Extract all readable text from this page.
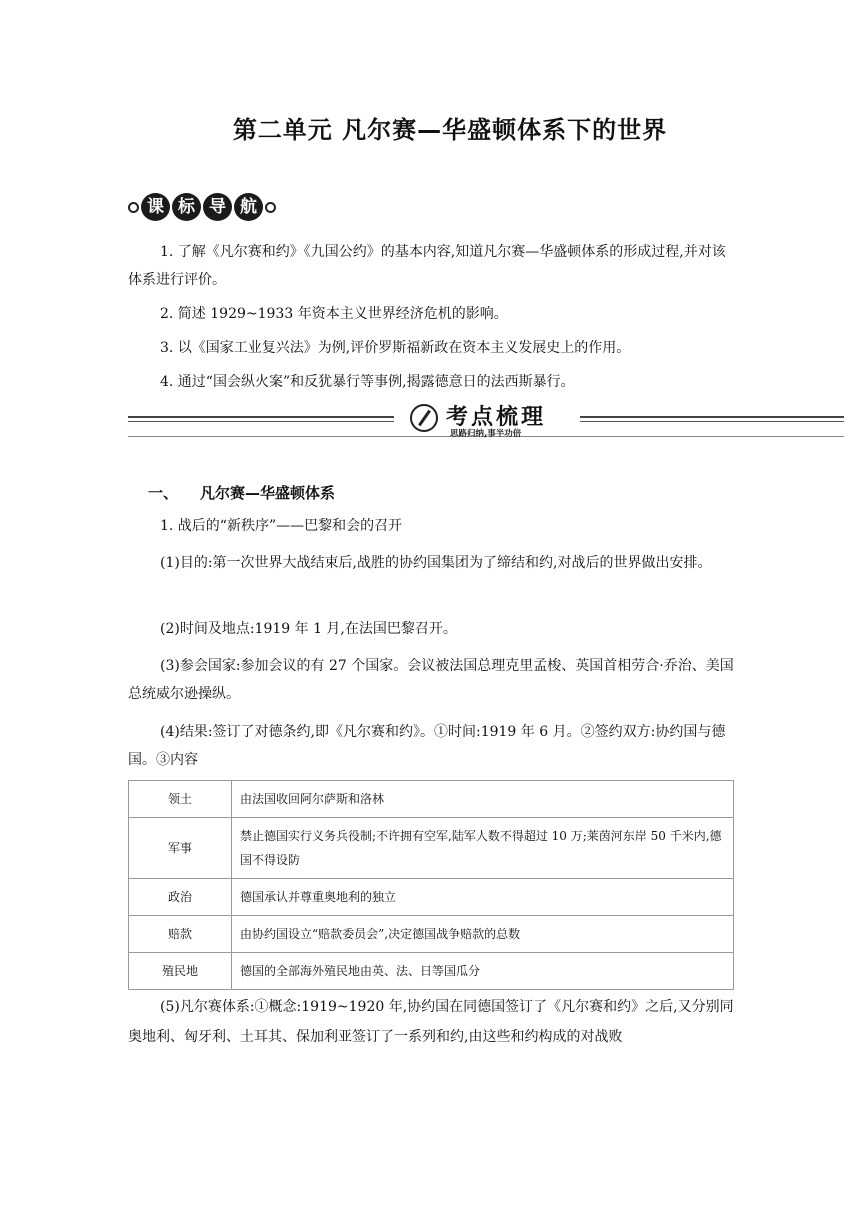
第二单元 凡尔赛—华盛顿体系下的世界
课 标 导 航
1. 了解《凡尔赛和约》《九国公约》的基本内容,知道凡尔赛—华盛顿体系的形成过程,并对该体系进行评价。
2. 简述 1929~1933 年资本主义世界经济危机的影响。
3. 以《国家工业复兴法》为例,评价罗斯福新政在资本主义发展史上的作用。
4. 通过“国会纵火案”和反犹暴行等事例,揭露德意日的法西斯暴行。
考点梳理
思路归纳,事半功倍
一、 凡尔赛—华盛顿体系
1. 战后的“新秩序”——巴黎和会的召开
(1)目的:第一次世界大战结束后,战胜的协约国集团为了缔结和约,对战后的世界做出安排。
(2)时间及地点:1919 年 1 月,在法国巴黎召开。
(3)参会国家:参加会议的有 27 个国家。会议被法国总理克里孟梭、英国首相劳合·乔治、美国总统威尔逊操纵。
(4)结果:签订了对德条约,即《凡尔赛和约》。①时间:1919 年 6 月。②签约双方:协约国与德国。③内容
领土	由法国收回阿尔萨斯和洛林
军事	禁止德国实行义务兵役制;不许拥有空军,陆军人数不得超过 10 万;莱茵河东岸 50 千米内,德国不得设防
政治	德国承认并尊重奥地利的独立
赔款	由协约国设立“赔款委员会”,决定德国战争赔款的总数
殖民地	德国的全部海外殖民地由英、法、日等国瓜分
(5)凡尔赛体系:①概念:1919~1920 年,协约国在同德国签订了《凡尔赛和约》之后,又分别同奥地利、匈牙利、土耳其、保加利亚签订了一系列和约,由这些和约构成的对战败
